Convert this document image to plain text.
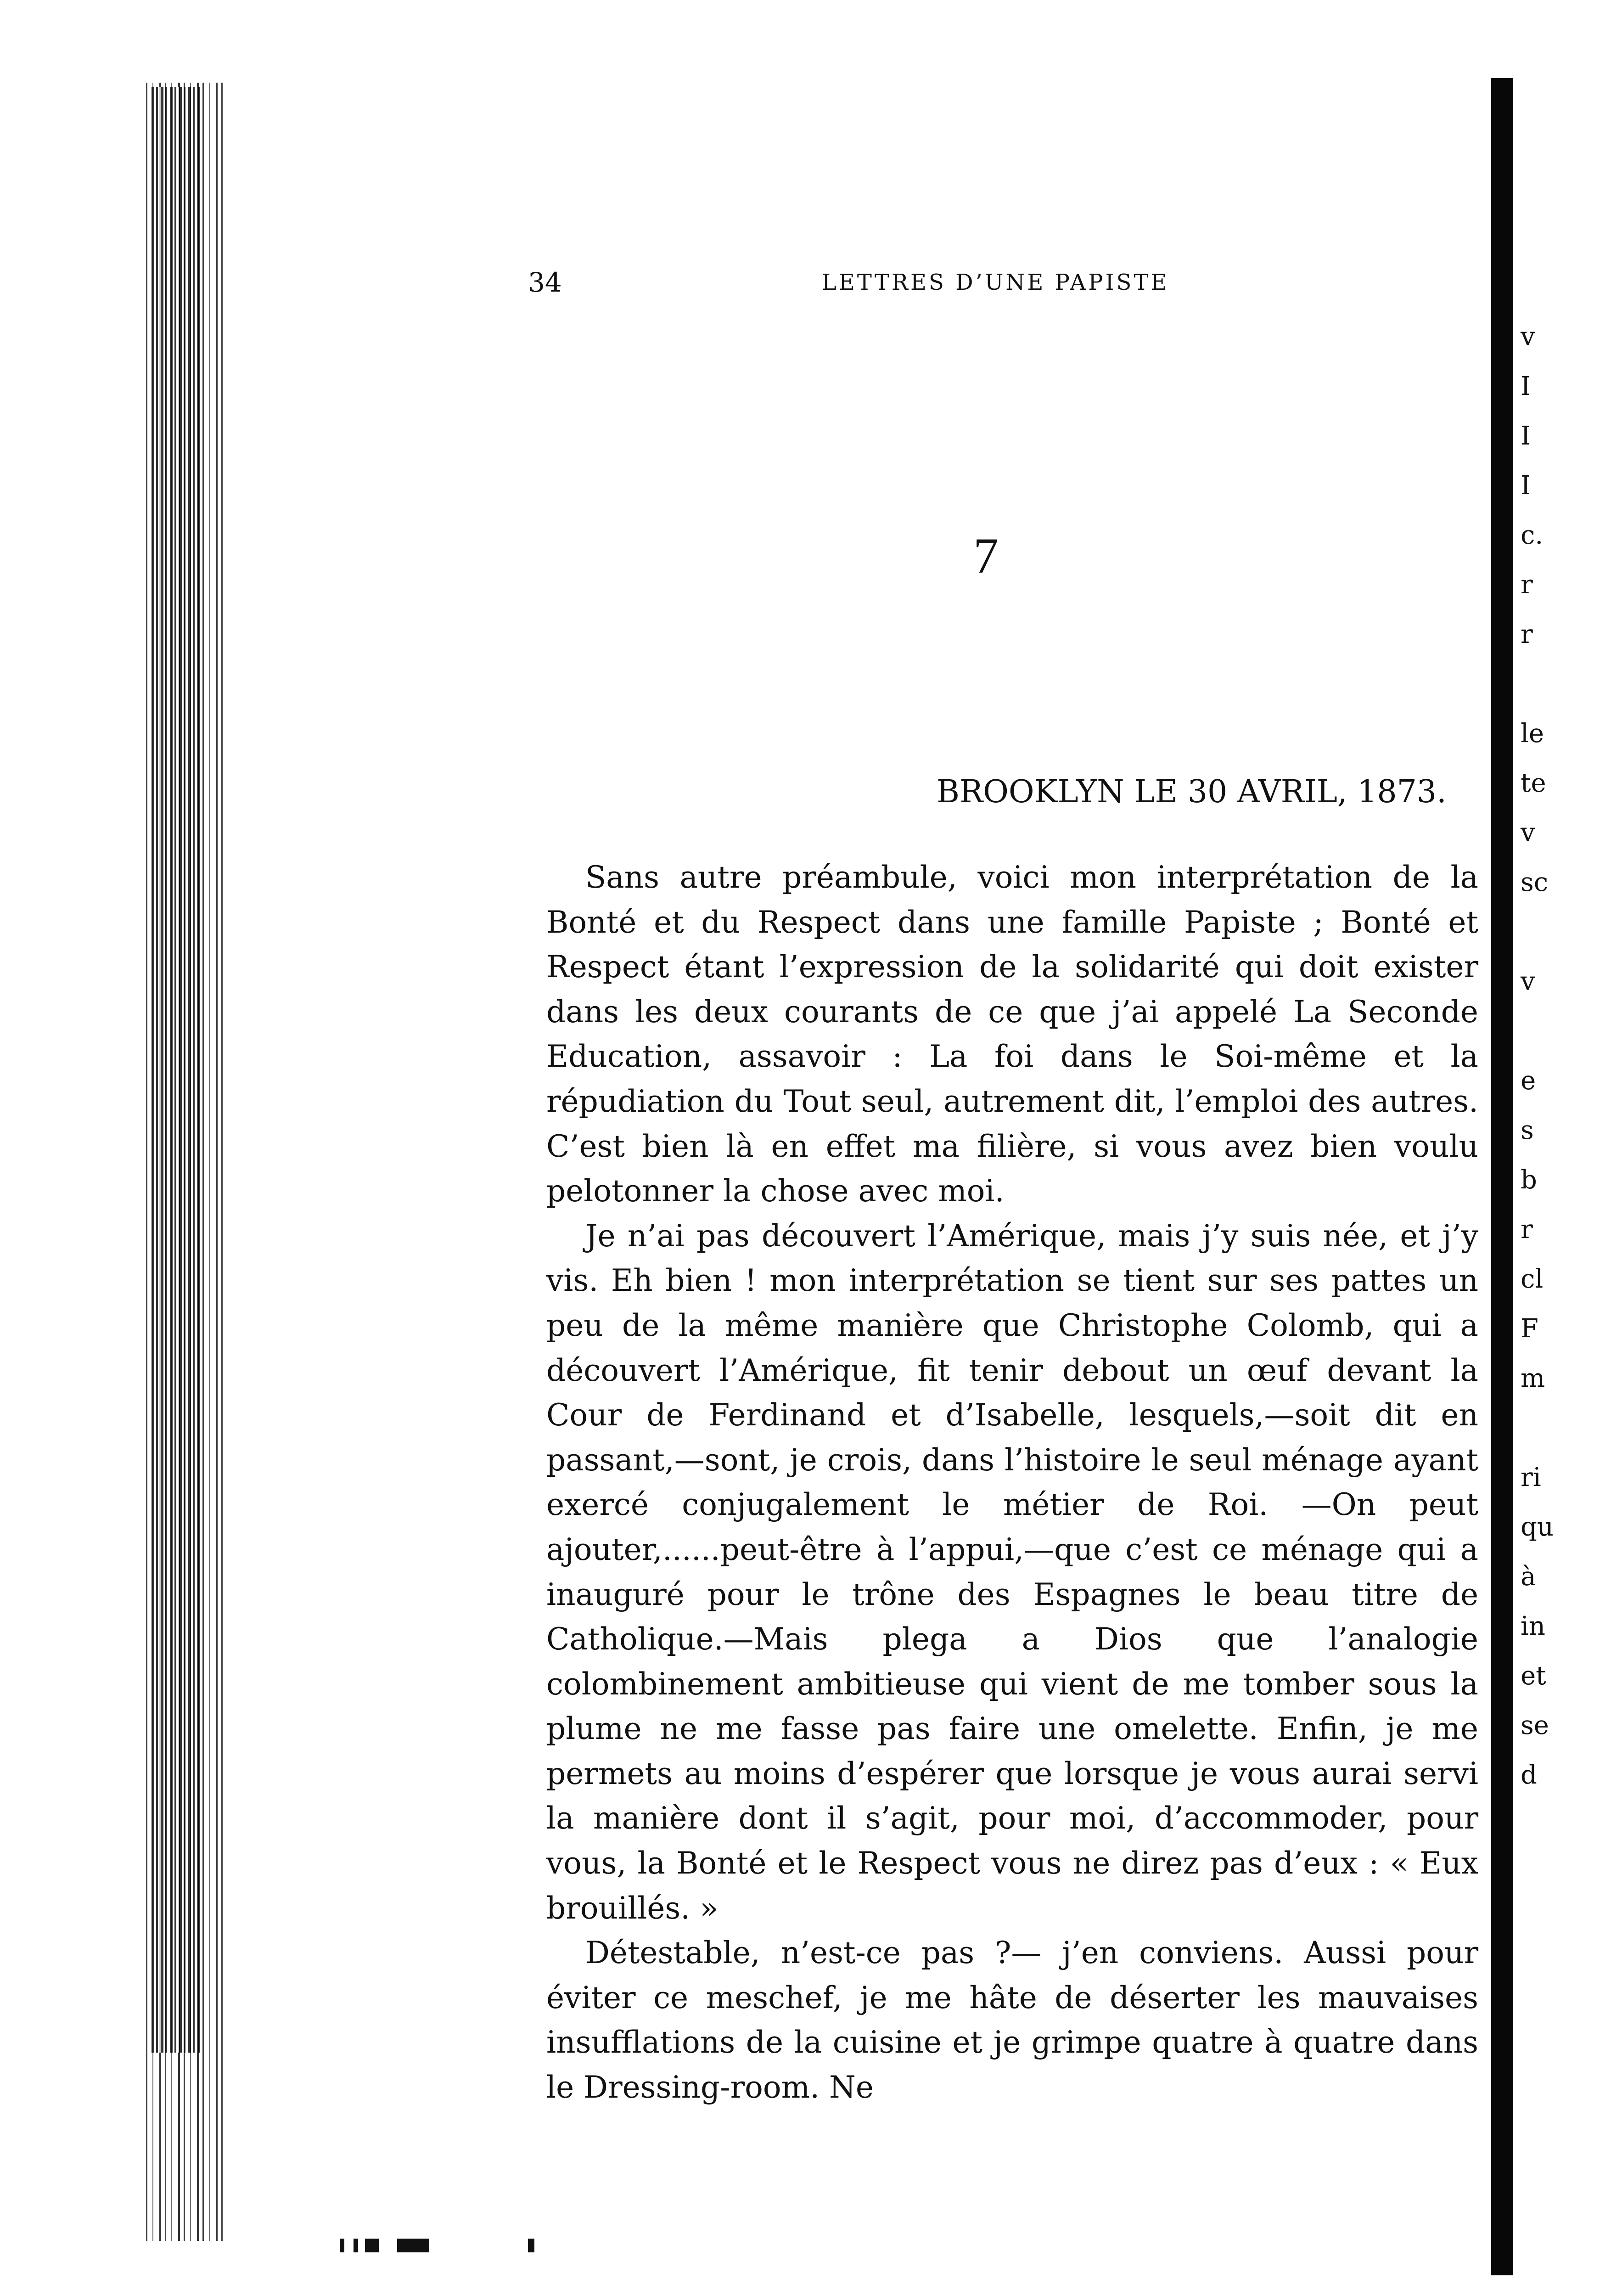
34	LETTRES D’UNE PAPISTE
7
BROOKLYN LE 30 AVRIL, 1873.

Sans autre préambule, voici mon interprétation de la Bonté et du Respect dans une famille Papiste ; Bonté et Respect étant l’expression de la solidarité qui doit exister dans les deux courants de ce que j’ai appelé La Seconde Education, assavoir : La foi dans le Soi-même et la répudiation du Tout seul, autrement dit, l’emploi des autres. C’est bien là en effet ma filière, si vous avez bien voulu pelotonner la chose avec moi.

Je n’ai pas découvert l’Amérique, mais j’y suis née, et j’y vis. Eh bien ! mon interprétation se tient sur ses pattes un peu de la même manière que Christophe Colomb, qui a découvert l’Amérique, fit tenir debout un œuf devant la Cour de Ferdinand et d’Isabelle, lesquels,—soit dit en passant,—sont, je crois, dans l’histoire le seul ménage ayant exercé conjugalement le métier de Roi. —On peut ajouter,......peut-être à l’appui,—que c’est ce ménage qui a inauguré pour le trône des Espagnes le beau titre de Catholique.—Mais plega a Dios que l’analogie colombinement ambitieuse qui vient de me tomber sous la plume ne me fasse pas faire une omelette. Enfin, je me permets au moins d’espérer que lorsque je vous aurai servi la manière dont il s’agit, pour moi, d’accommoder, pour vous, la Bonté et le Respect vous ne direz pas d’eux : « Eux brouillés. »

Détestable, n’est-ce pas ?— j’en conviens. Aussi pour éviter ce meschef, je me hâte de déserter les mauvaises insufflations de la cuisine et je grimpe quatre à quatre dans le Dressing-room. Ne

v
I
I
I
c.
r
r
le
te
v
sc
v
e
s
b
r
cl
F
m
ri
qu
à
in
et
se
d
